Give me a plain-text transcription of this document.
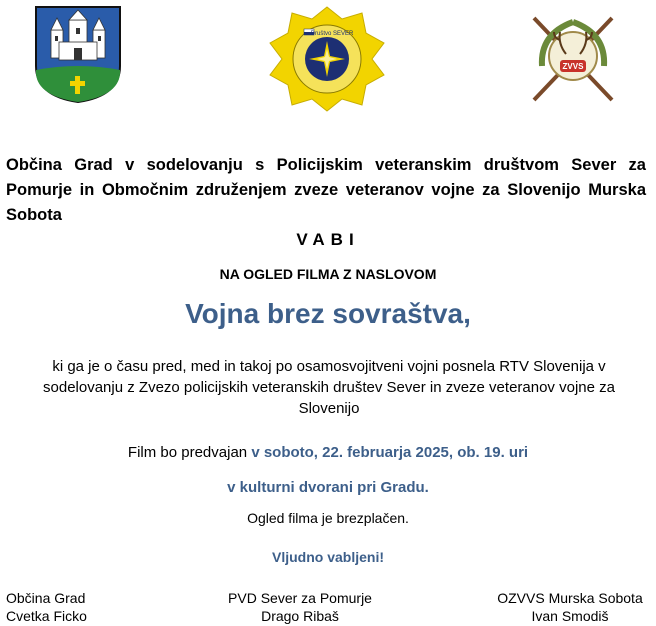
Društvo SEVER
ZVVS
Občina Grad v sodelovanju s Policijskim veteranskim društvom Sever za Pomurje in Območnim združenjem zveze veteranov vojne za Slovenijo Murska Sobota
VABI
NA OGLED FILMA Z NASLOVOM
Vojna brez sovraštva,
ki ga je o času pred, med in takoj po osamosvojitveni vojni posnela RTV Slovenija v sodelovanju z Zvezo policijskih veteranskih društev Sever in zveze veteranov vojne za Slovenijo
Film bo predvajan v soboto, 22. februarja 2025, ob. 19. uri
v kulturni dvorani pri Gradu.
Ogled filma je brezplačen.
Vljudno vabljeni!
Občina Grad
Cvetka Ficko
PVD Sever za Pomurje
Drago Ribaš
OZVVS Murska Sobota
Ivan Smodiš
